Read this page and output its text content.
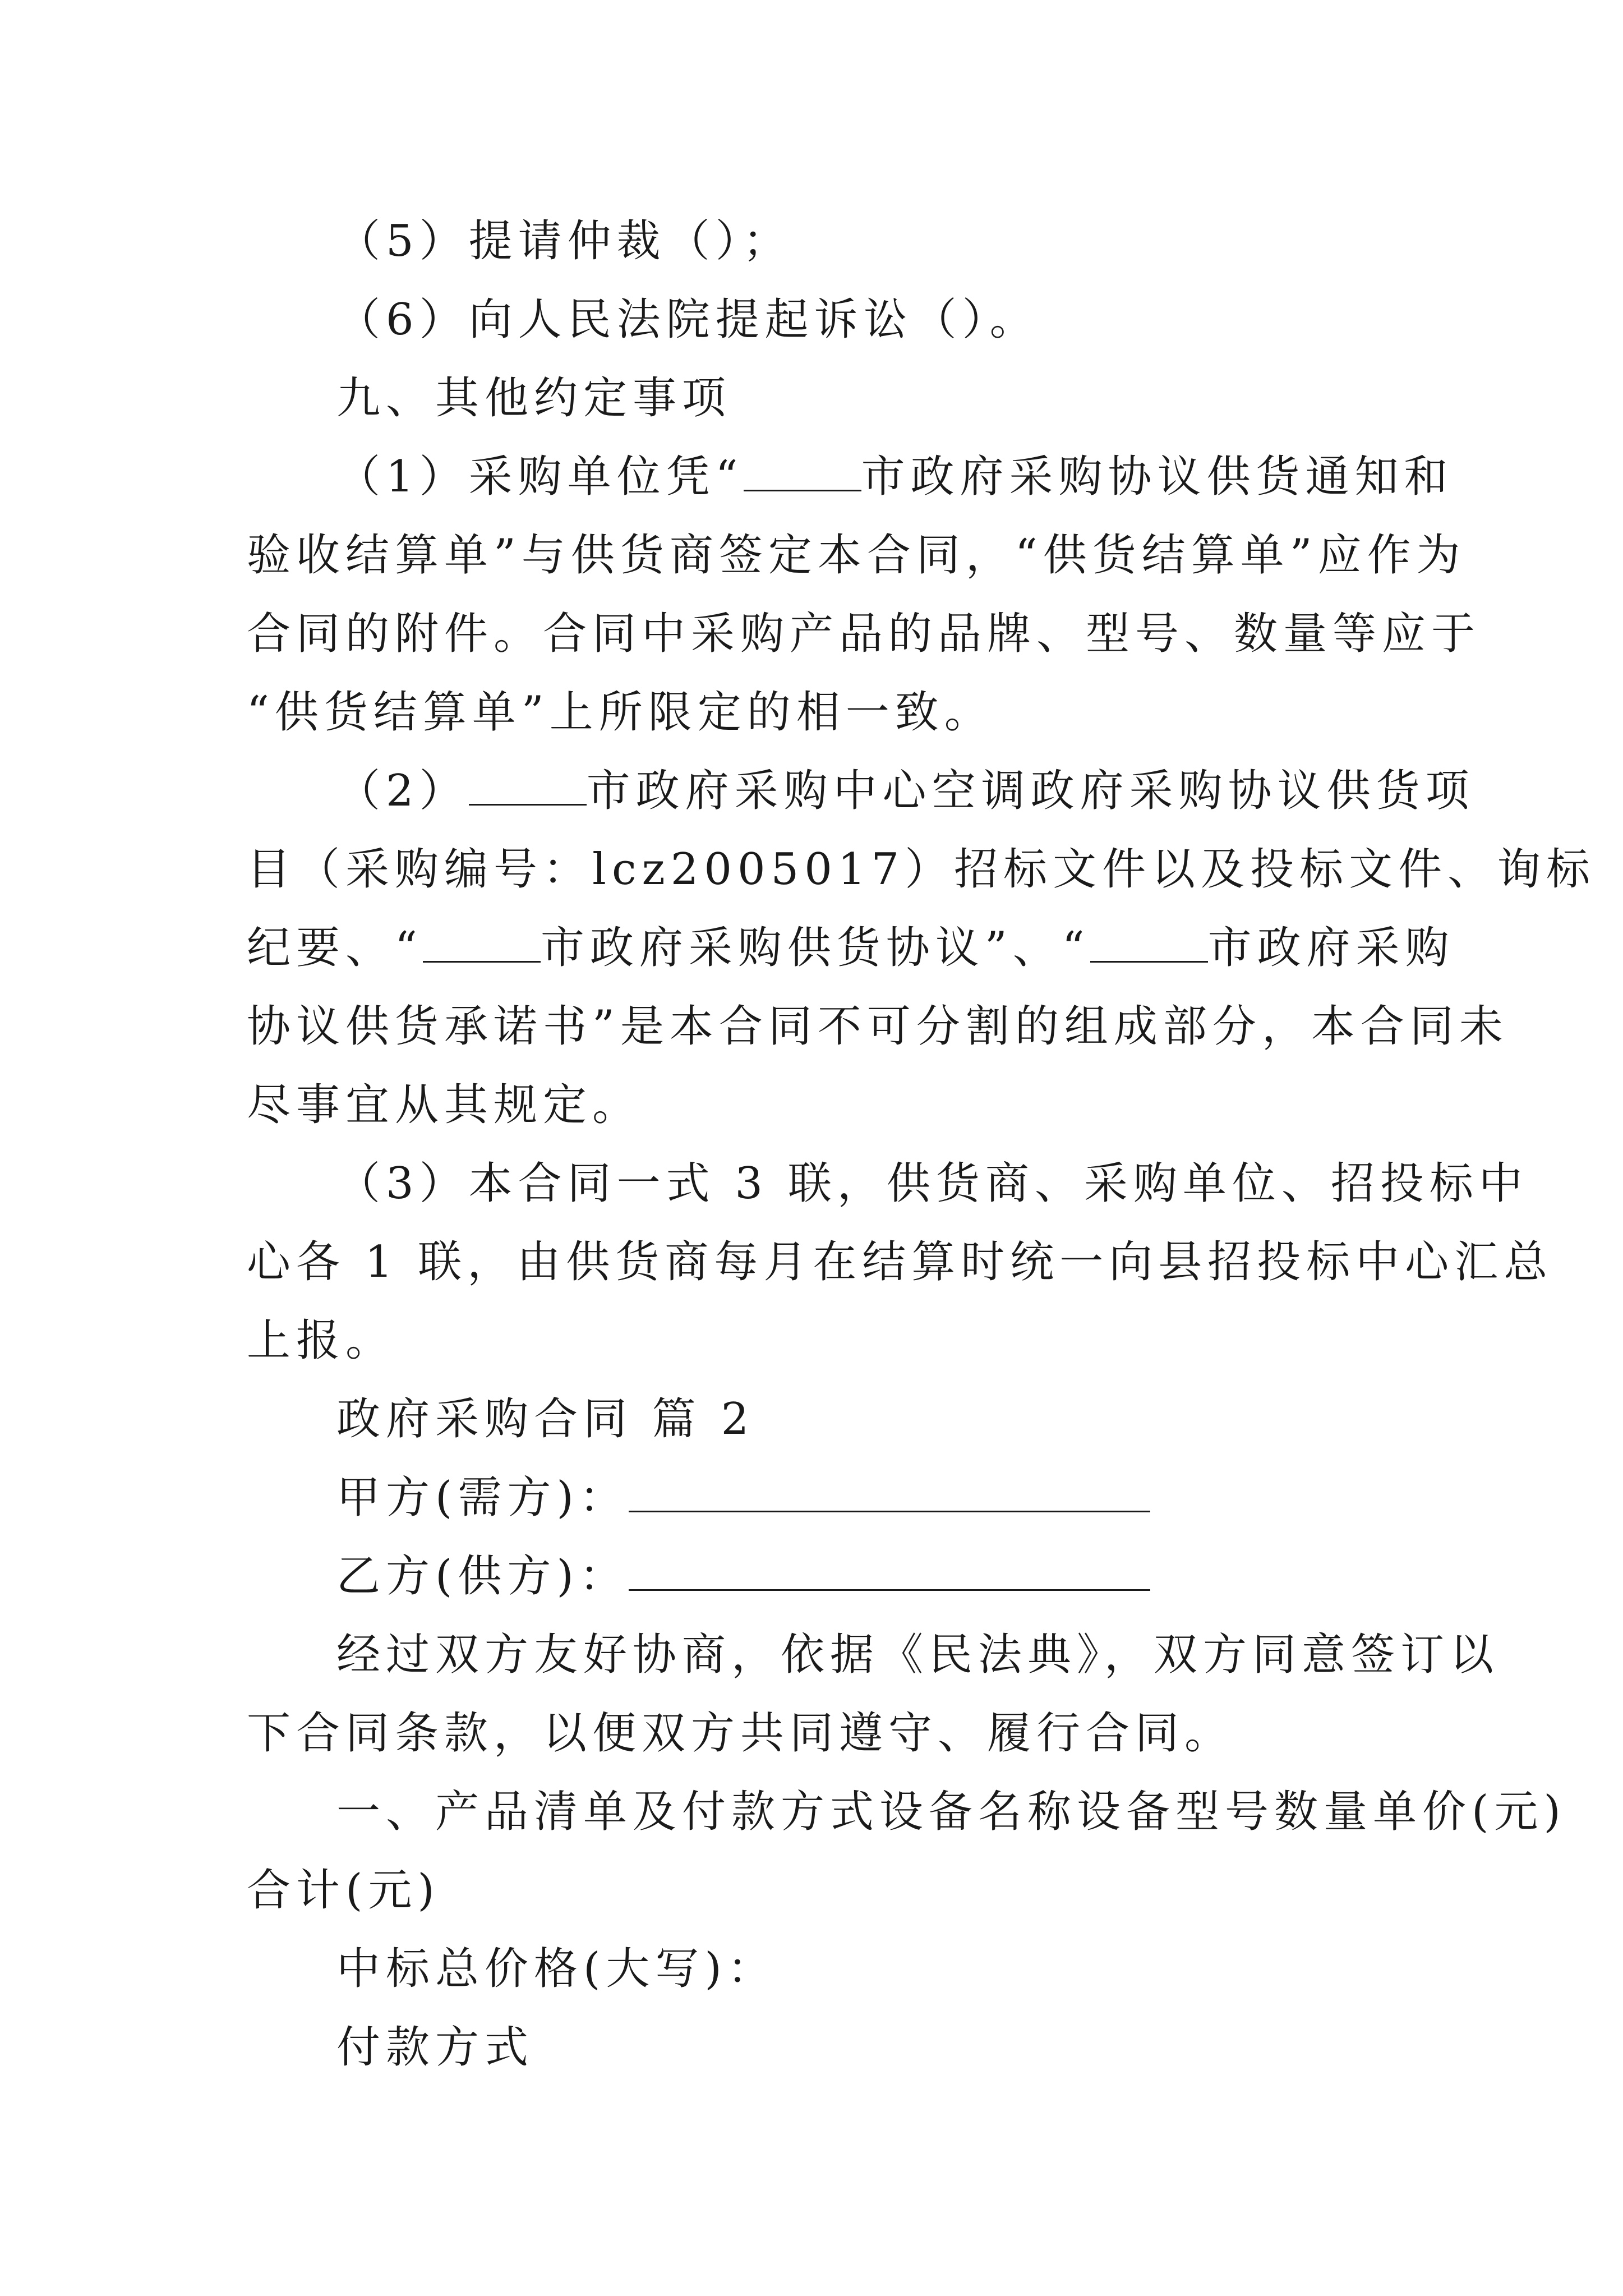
（5）提请仲裁（）；
（6）向人民法院提起诉讼（）。
九、其他约定事项
（1）采购单位凭“	市政府采购协议供货通知和
验收结算单”与供货商签定本合同，“供货结算单”应作为
合同的附件。合同中采购产品的品牌、型号、数量等应于
“供货结算单”上所限定的相一致。
（2）	市政府采购中心空调政府采购协议供货项
目（采购编号：lcz2005017）招标文件以及投标文件、询标
纪要、“	市政府采购供货协议”、“	市政府采购
协议供货承诺书”是本合同不可分割的组成部分，本合同未
尽事宜从其规定。
（3）本合同一式 3 联，供货商、采购单位、招投标中
心各 1 联，由供货商每月在结算时统一向县招投标中心汇总
上报。
政府采购合同 篇 2
甲方(需方)：
乙方(供方)：
经过双方友好协商，依据《民法典》，双方同意签订以
下合同条款，以便双方共同遵守、履行合同。
一、产品清单及付款方式设备名称设备型号数量单价(元)
合计(元)
中标总价格(大写)：
付款方式
